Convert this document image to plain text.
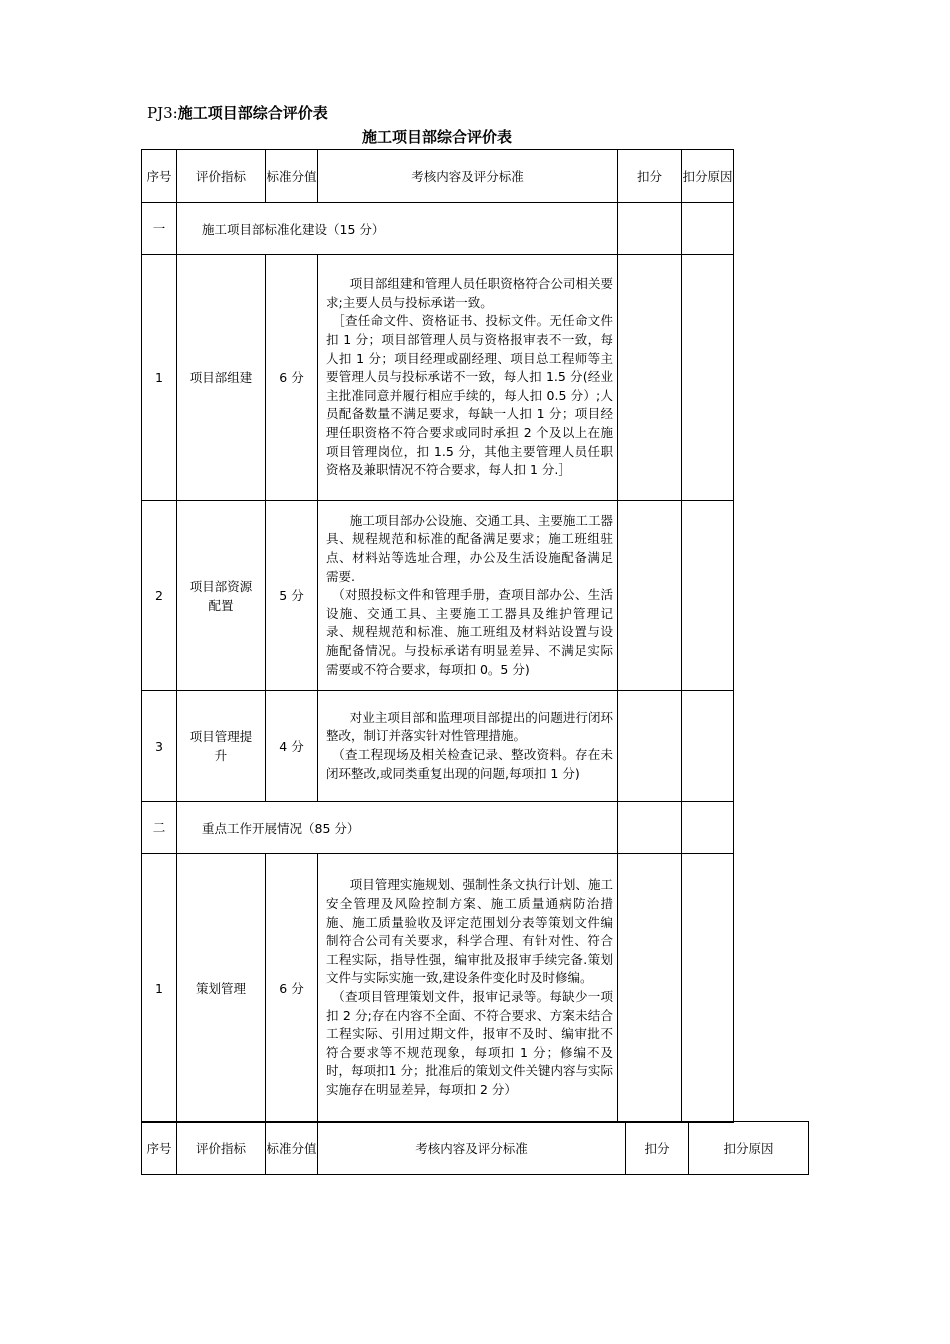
PJ3:施工项目部综合评价表
施工项目部综合评价表
序号	评价指标	标准分值	考核内容及评分标准	扣分	扣分原因
一	施工项目部标准化建设（15 分）				
1	项目部组建	6 分	项目部组建和管理人员任职资格符合公司相关要求;主要人员与投标承诺一致。

［查任命文件、资格证书、投标文件。无任命文件扣 1 分；项目部管理人员与资格报审表不一致，每人扣 1 分；项目经理或副经理、项目总工程师等主要管理人员与投标承诺不一致，每人扣 1.5 分(经业主批准同意并履行相应手续的，每人扣 0.5 分）;人员配备数量不满足要求，每缺一人扣 1 分；项目经理任职资格不符合要求或同时承担 2 个及以上在施项目管理岗位，扣 1.5 分，其他主要管理人员任职资格及兼职情况不符合要求，每人扣 1 分.］		

2	项目部资源配置	5 分	施工项目部办公设施、交通工具、主要施工工器具、规程规范和标准的配备满足要求；施工班组驻点、材料站等选址合理，办公及生活设施配备满足需要.

（对照投标文件和管理手册，查项目部办公、生活设施、交通工具、主要施工工器具及维护管理记录、规程规范和标准、施工班组及材料站设置与设施配备情况。与投标承诺有明显差异、不满足实际需要或不符合要求，每项扣 0。5 分)		

3	项目管理提升	4 分	对业主项目部和监理项目部提出的问题进行闭环整改，制订并落实针对性管理措施。

（查工程现场及相关检查记录、整改资料。存在未闭环整改,或同类重复出现的问题,每项扣 1 分)		

二	重点工作开展情况（85 分）				
1	策划管理	6 分	项目管理实施规划、强制性条文执行计划、施工安全管理及风险控制方案、施工质量通病防治措施、施工质量验收及评定范围划分表等策划文件编制符合公司有关要求，科学合理、有针对性、符合工程实际，指导性强，编审批及报审手续完备.策划文件与实际实施一致,建设条件变化时及时修编。

（查项目管理策划文件，报审记录等。每缺少一项扣 2 分;存在内容不全面、不符合要求、方案未结合工程实际、引用过期文件，报审不及时、编审批不符合要求等不规范现象，每项扣 1 分；修编不及时，每项扣1 分；批准后的策划文件关键内容与实际实施存在明显差异，每项扣 2 分）		

序号	评价指标	标准分值	考核内容及评分标准	扣分	扣分原因
